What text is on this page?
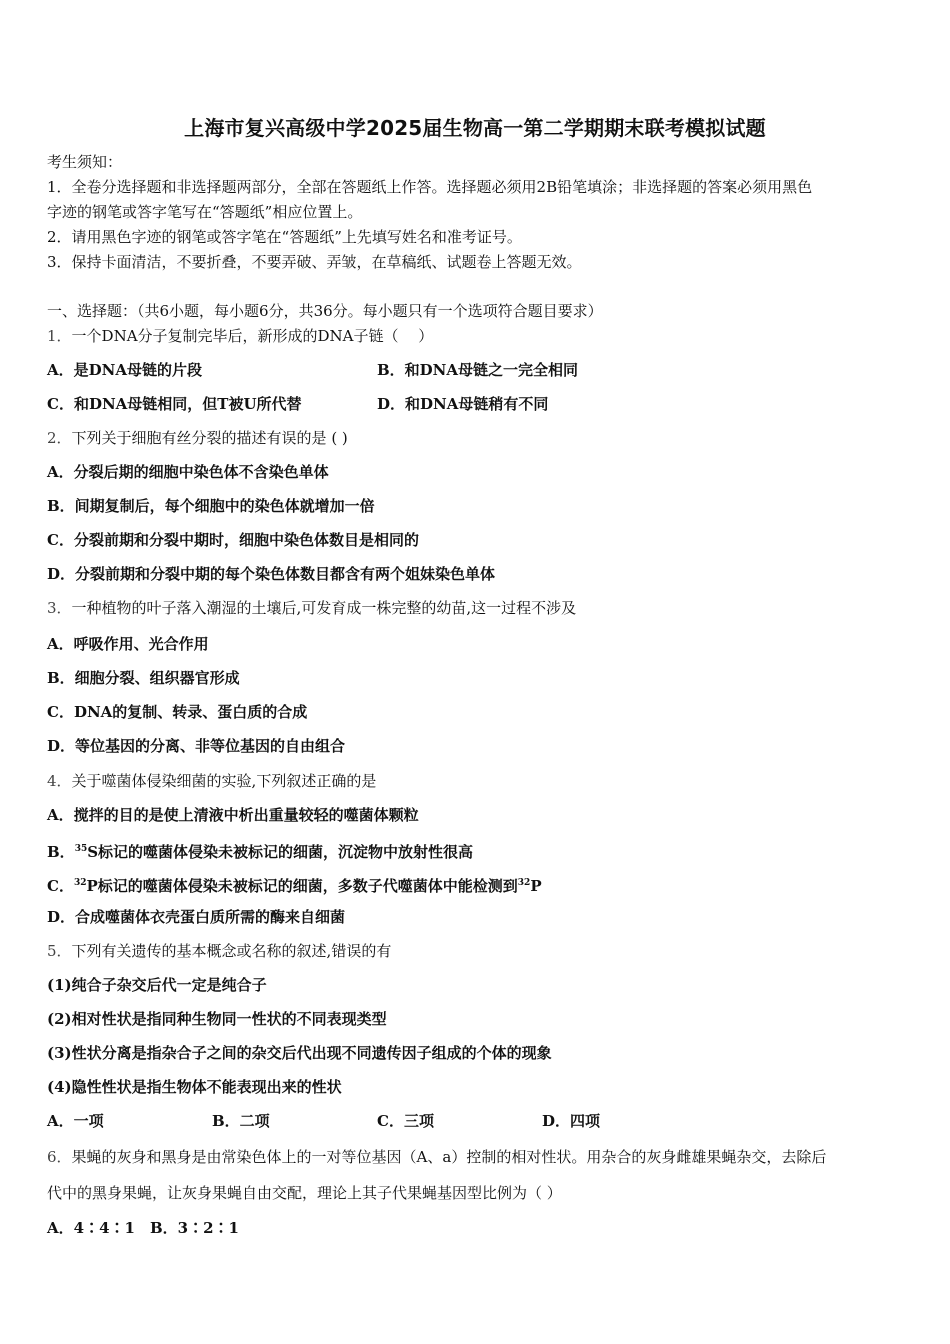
上海市复兴高级中学2025届生物高一第二学期期末联考模拟试题
考生须知：
1．全卷分选择题和非选择题两部分，全部在答题纸上作答。选择题必须用2B铅笔填涂；非选择题的答案必须用黑色
字迹的钢笔或答字笔写在“答题纸”相应位置上。
2．请用黑色字迹的钢笔或答字笔在“答题纸”上先填写姓名和准考证号。
3．保持卡面清洁，不要折叠，不要弄破、弄皱，在草稿纸、试题卷上答题无效。
一、选择题：（共6小题，每小题6分，共36分。每小题只有一个选项符合题目要求）
1．一个DNA分子复制完毕后，新形成的DNA子链（　 ）
A．是DNA母链的片段	B．和DNA母链之一完全相同
C．和DNA母链相同，但T被U所代替	D．和DNA母链稍有不同
2．下列关于细胞有丝分裂的描述有误的是 ( )
A．分裂后期的细胞中染色体不含染色单体
B．间期复制后，每个细胞中的染色体就增加一倍
C．分裂前期和分裂中期时，细胞中染色体数目是相同的
D．分裂前期和分裂中期的每个染色体数目都含有两个姐妹染色单体
3．一种植物的叶子落入潮湿的土壤后,可发育成一株完整的幼苗,这一过程不涉及
A．呼吸作用、光合作用
B．细胞分裂、组织器官形成
C．DNA的复制、转录、蛋白质的合成
D．等位基因的分离、非等位基因的自由组合
4．关于噬菌体侵染细菌的实验,下列叙述正确的是
A．搅拌的目的是使上清液中析出重量较轻的噬菌体颗粒
B．$^{35}$S标记的噬菌体侵染未被标记的细菌，沉淀物中放射性很高
C．$^{32}$P标记的噬菌体侵染未被标记的细菌，多数子代噬菌体中能检测到$^{32}$P
D．合成噬菌体衣壳蛋白质所需的酶来自细菌
5．下列有关遗传的基本概念或名称的叙述,错误的有
(1)纯合子杂交后代一定是纯合子
(2)相对性状是指同种生物同一性状的不同表现类型
(3)性状分离是指杂合子之间的杂交后代出现不同遗传因子组成的个体的现象
(4)隐性性状是指生物体不能表现出来的性状
A．一项	B．二项	C．三项	D．四项
6．果蝇的灰身和黑身是由常染色体上的一对等位基因（A、a）控制的相对性状。用杂合的灰身雌雄果蝇杂交，去除后
代中的黑身果蝇，让灰身果蝇自由交配，理论上其子代果蝇基因型比例为（ ）
A．4∶4∶1 B．3∶2∶1
